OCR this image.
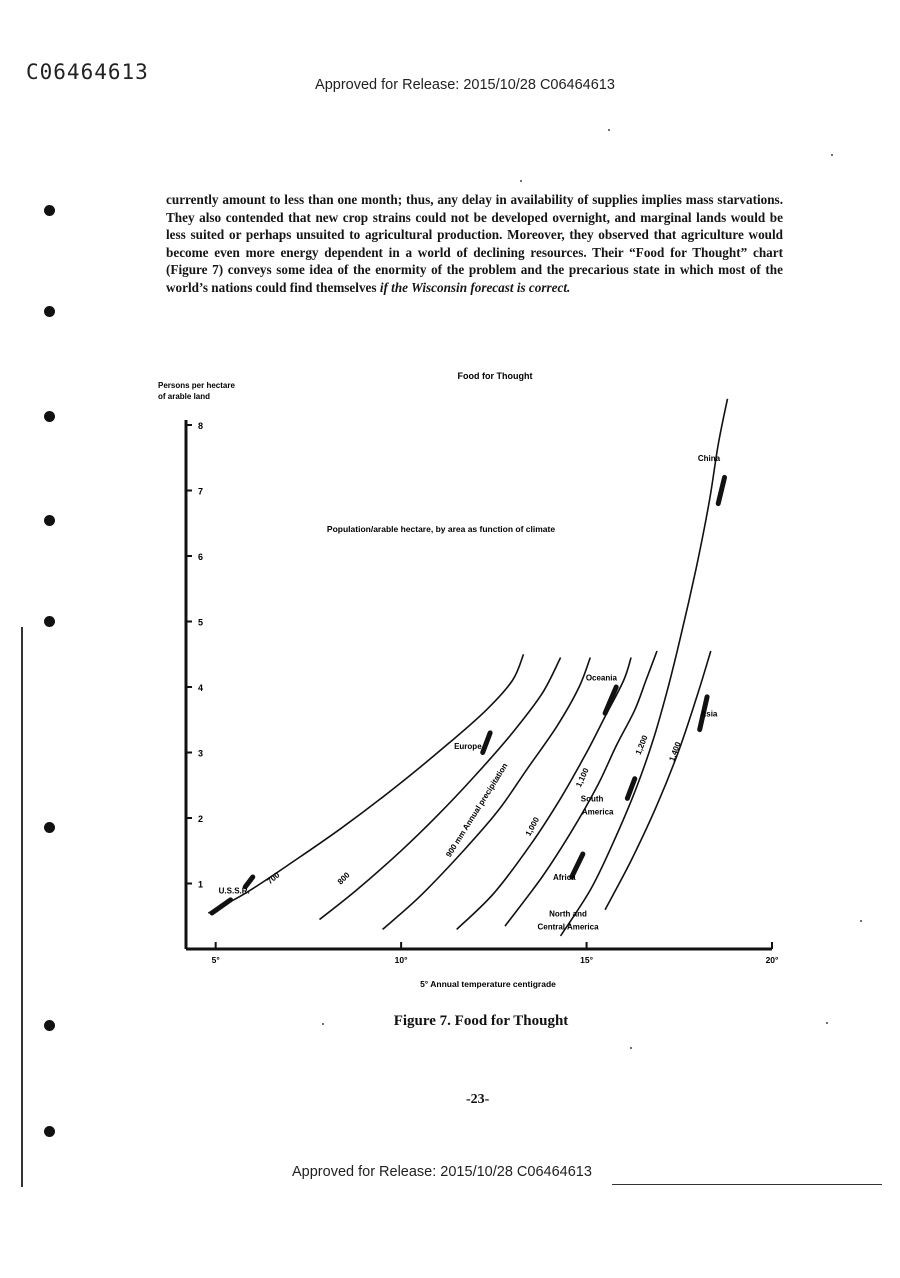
C06464613
Approved for Release: 2015/10/28 C06464613
currently amount to less than one month; thus, any delay in availability of supplies implies mass starvations. They also contended that new crop strains could not be developed overnight, and marginal lands would be less suited or perhaps unsuited to agricultural production. Moreover, they observed that agriculture would become even more energy dependent in a world of declining resources. Their “Food for Thought” chart (Figure 7) conveys some idea of the enormity of the problem and the precarious state in which most of the world’s nations could find themselves if the Wisconsin forecast is correct.
Food for Thought
Population/arable hectare, by area as function of climate
Persons per hectare
of arable land
5° Annual temperature centigrade
1
2
3
4
5
6
7
8
5°	10°	15°	20°
700	800
900 mm Annual precipitation 1,000
1,100
1,200 1,400
U.S.S.R.
Europe
Oceania
Asia
South
America
Africa
North and
Central America
China
Figure 7. Food for Thought
-23-
Approved for Release: 2015/10/28 C06464613
